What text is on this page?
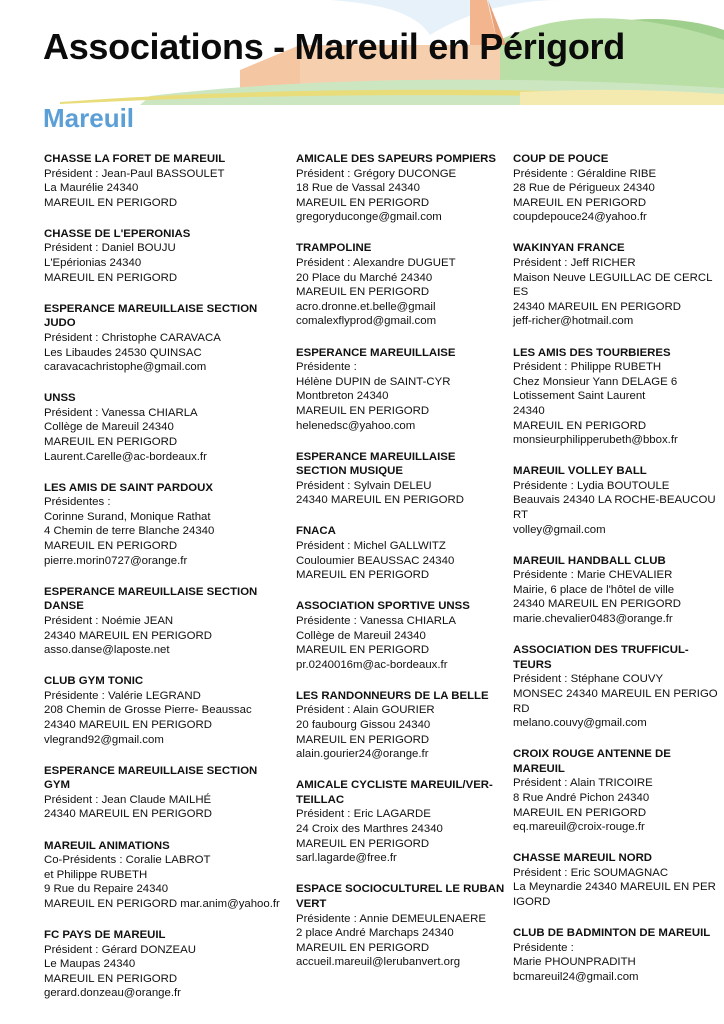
Associations - Mareuil en Périgord
Mareuil
CHASSE LA FORET DE MAREUIL
Président : Jean-Paul BASSOULET
La Maurélie 24340
MAREUIL EN PERIGORD
CHASSE DE L'EPERONIAS
Président : Daniel BOUJU
L'Epérionias 24340
MAREUIL EN PERIGORD
ESPERANCE MAREUILLAISE SECTION JUDO
Président : Christophe CARAVACA
Les Libaudes 24530 QUINSAC
caravacachristophe@gmail.com
UNSS
Président : Vanessa CHIARLA
Collège de Mareuil 24340
MAREUIL EN PERIGORD
Laurent.Carelle@ac-bordeaux.fr
LES AMIS DE SAINT PARDOUX
Présidentes :
Corinne Surand, Monique Rathat
4 Chemin de terre Blanche 24340
MAREUIL EN PERIGORD
pierre.morin0727@orange.fr
ESPERANCE MAREUILLAISE SECTION DANSE
Président : Noémie JEAN
24340 MAREUIL EN PERIGORD
asso.danse@laposte.net
CLUB GYM TONIC
Présidente : Valérie LEGRAND
208 Chemin de Grosse Pierre- Beaussac
24340 MAREUIL EN PERIGORD
vlegrand92@gmail.com
ESPERANCE MAREUILLAISE SECTION GYM
Président : Jean Claude MAILHÉ
24340 MAREUIL EN PERIGORD
MAREUIL ANIMATIONS
Co-Présidents : Coralie LABROT
et Philippe RUBETH
9 Rue du Repaire 24340
MAREUIL EN PERIGORD mar.anim@yahoo.fr
FC PAYS DE MAREUIL
Président : Gérard DONZEAU
Le Maupas 24340
MAREUIL EN PERIGORD
gerard.donzeau@orange.fr
AMICALE DES SAPEURS POMPIERS
Président : Grégory DUCONGE
18 Rue de Vassal 24340
MAREUIL EN PERIGORD
gregoryduconge@gmail.com
TRAMPOLINE
Président : Alexandre DUGUET
20 Place du Marché 24340
MAREUIL EN PERIGORD
acro.dronne.et.belle@gmail
comalexflyprod@gmail.com
ESPERANCE MAREUILLAISE
Présidente :
Hélène DUPIN de SAINT-CYR
Montbreton 24340
MAREUIL EN PERIGORD
helenedsc@yahoo.com
ESPERANCE MAREUILLAISE SECTION MUSIQUE
Président : Sylvain DELEU
24340 MAREUIL EN PERIGORD
FNACA
Président : Michel GALLWITZ
Couloumier BEAUSSAC 24340
MAREUIL EN PERIGORD
ASSOCIATION SPORTIVE UNSS
Présidente : Vanessa CHIARLA
Collège de Mareuil 24340
MAREUIL EN PERIGORD
pr.0240016m@ac-bordeaux.fr
LES RANDONNEURS DE LA BELLE
Président : Alain GOURIER
20 faubourg Gissou 24340
MAREUIL EN PERIGORD
alain.gourier24@orange.fr
AMICALE CYCLISTE MAREUIL/VER-TEILLAC
Président : Eric LAGARDE
24 Croix des Marthres 24340
MAREUIL EN PERIGORD
sarl.lagarde@free.fr
ESPACE SOCIOCULTUREL LE RUBAN VERT
Présidente : Annie DEMEULENAERE
2 place André Marchaps 24340
MAREUIL EN PERIGORD
accueil.mareuil@lerubanvert.org
COUP DE POUCE
Présidente : Géraldine RIBE
28 Rue de Périgueux 24340
MAREUIL EN PERIGORD
coupdepouce24@yahoo.fr
WAKINYAN FRANCE
Président : Jeff RICHER
Maison Neuve LEGUILLAC DE CERCLES
24340 MAREUIL EN PERIGORD
jeff-richer@hotmail.com
LES AMIS DES TOURBIERES
Président : Philippe RUBETH
Chez Monsieur Yann DELAGE 6
Lotissement Saint Laurent
24340
MAREUIL EN PERIGORD
monsieurphilipperubeth@bbox.fr
MAREUIL VOLLEY BALL
Présidente : Lydia BOUTOULE
Beauvais 24340 LA ROCHE-BEAUCOURT
volley@gmail.com
MAREUIL HANDBALL CLUB
Présidente : Marie CHEVALIER
Mairie, 6 place de l'hôtel de ville
24340 MAREUIL EN PERIGORD
marie.chevalier0483@orange.fr
ASSOCIATION DES TRUFFICUL-TEURS
Président : Stéphane COUVY
MONSEC 24340 MAREUIL EN PERIGORD
melano.couvy@gmail.com
CROIX ROUGE ANTENNE DE MAREUIL
Président : Alain TRICOIRE
8 Rue André Pichon 24340
MAREUIL EN PERIGORD
eq.mareuil@croix-rouge.fr
CHASSE MAREUIL NORD
Président : Eric SOUMAGNAC
La Meynardie 24340 MAREUIL EN PERIGORD
CLUB DE BADMINTON DE MAREUIL
Présidente :
Marie PHOUNPRADITH
bcmareuil24@gmail.com
